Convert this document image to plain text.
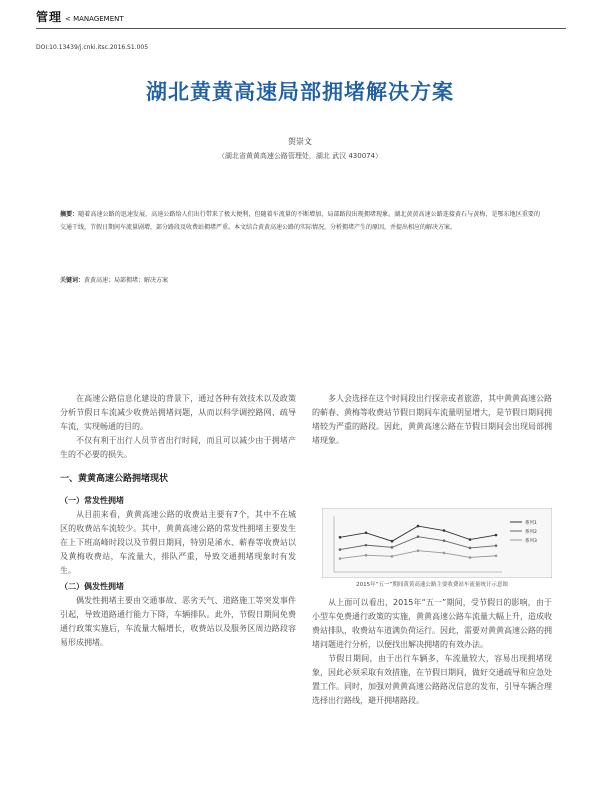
管理 < MANAGEMENT
DOI:10.13439/j.cnki.itsc.2016.S1.005
湖北黄黄高速局部拥堵解决方案
贺崇文
（湖北省黄黄高速公路管理处，湖北 武汉 430074）
摘要：随着高速公路的迅速发展，高速公路给人们出行带来了极大便利，但随着车流量的不断增加，局部路段出现拥堵现象。湖北黄黄高速公路连接黄石与黄梅，是鄂东地区重要的交通干线，节假日期间车流量剧增，部分路段及收费站拥堵严重。本文结合黄黄高速公路的实际情况，分析拥堵产生的原因，并提出相应的解决方案。
关键词：黄黄高速；局部拥堵；解决方案

在高速公路信息化建设的背景下，通过各种有效技术以及政策分析节假日车流减少收费站拥堵问题，从而以科学调控路网、疏导车流，实现畅通的目的。

不仅有利于出行人员节省出行时间，而且可以减少由于拥堵产生的不必要的损失。

一、黄黄高速公路拥堵现状
（一）常发性拥堵

从目前来看，黄黄高速公路的收费站主要有7个，其中不在城区的收费站车流较少。其中，黄黄高速公路的常发性拥堵主要发生在上下班高峰时段以及节假日期间，特别是浠水、蕲春等收费站以及黄梅收费站，车流量大，排队严重，导致交通拥堵现象时有发生。

（二）偶发性拥堵

偶发性拥堵主要由交通事故、恶劣天气、道路施工等突发事件引起，导致道路通行能力下降，车辆排队。此外，节假日期间免费通行政策实施后，车流量大幅增长，收费站以及服务区周边路段容易形成拥堵。

多人会选择在这个时间段出行探亲或者旅游，其中黄黄高速公路的蕲春、黄梅等收费站节假日期间车流量明显增大，是节假日期间拥堵较为严重的路段。因此，黄黄高速公路在节假日期间会出现局部拥堵现象。

系列1
系列2
系列3
2015年“五一”期间黄黄高速公路主要收费站车流量统计示意图

从上面可以看出，2015年“五一”期间，受节假日的影响，由于小型车免费通行政策的实施，黄黄高速公路车流量大幅上升，造成收费站排队，收费站车道满负荷运行。因此，需要对黄黄高速公路的拥堵问题进行分析，以便找出解决拥堵的有效办法。

节假日期间，由于出行车辆多，车流量较大，容易出现拥堵现象，因此必须采取有效措施，在节假日期间，做好交通疏导和应急处置工作。同时，加强对黄黄高速公路路况信息的发布，引导车辆合理选择出行路线，避开拥堵路段。
